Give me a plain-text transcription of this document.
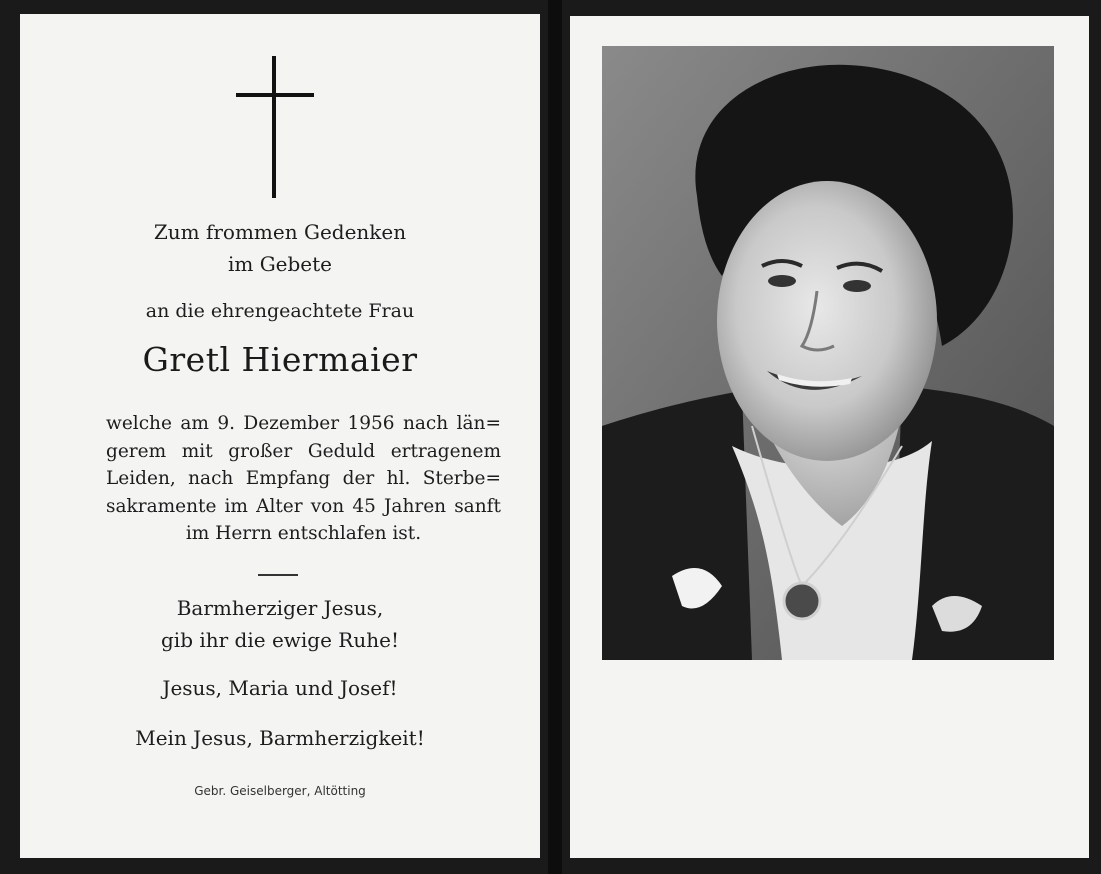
Zum frommen Gedenken
im Gebete
an die ehrengeachtete Frau
Gretl Hiermaier
welche am 9. Dezember 1956 nach län=
gerem mit großer Geduld ertragenem
Leiden, nach Empfang der hl. Sterbe=
sakramente im Alter von 45 Jahren sanft
im Herrn entschlafen ist.
Barmherziger Jesus,
gib ihr die ewige Ruhe!
Jesus, Maria und Josef!
Mein Jesus, Barmherzigkeit!
Gebr. Geiselberger, Altötting
